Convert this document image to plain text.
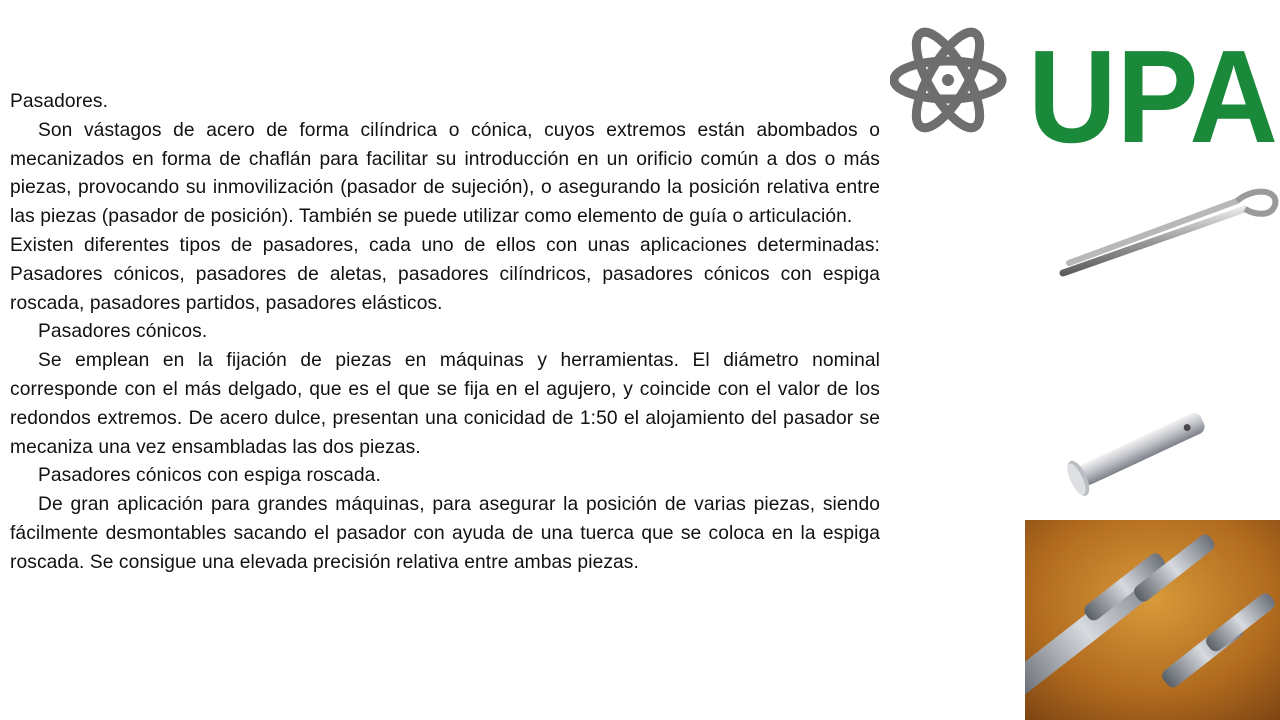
Pasadores.

Son vástagos de acero de forma cilíndrica o cónica, cuyos extremos están abombados o mecanizados en forma de chaflán para facilitar su introducción en un orificio común a dos o más piezas, provocando su inmovilización (pasador de sujeción), o asegurando la posición relativa entre las piezas (pasador de posición). También se puede utilizar como elemento de guía o articulación.

Existen diferentes tipos de pasadores, cada uno de ellos con unas aplicaciones determinadas: Pasadores cónicos, pasadores de aletas, pasadores cilíndricos, pasadores cónicos con espiga roscada, pasadores partidos, pasadores elásticos.

Pasadores cónicos.

Se emplean en la fijación de piezas en máquinas y herramientas. El diámetro nominal corresponde con el más delgado, que es el que se fija en el agujero, y coincide con el valor de los redondos extremos. De acero dulce, presentan una conicidad de 1:50 el alojamiento del pasador se mecaniza una vez ensambladas las dos piezas.

Pasadores cónicos con espiga roscada.

De gran aplicación para grandes máquinas, para asegurar la posición de varias piezas, siendo fácilmente desmontables sacando el pasador con ayuda de una tuerca que se coloca en la espiga roscada. Se consigue una elevada precisión relativa entre ambas piezas.

UPA
